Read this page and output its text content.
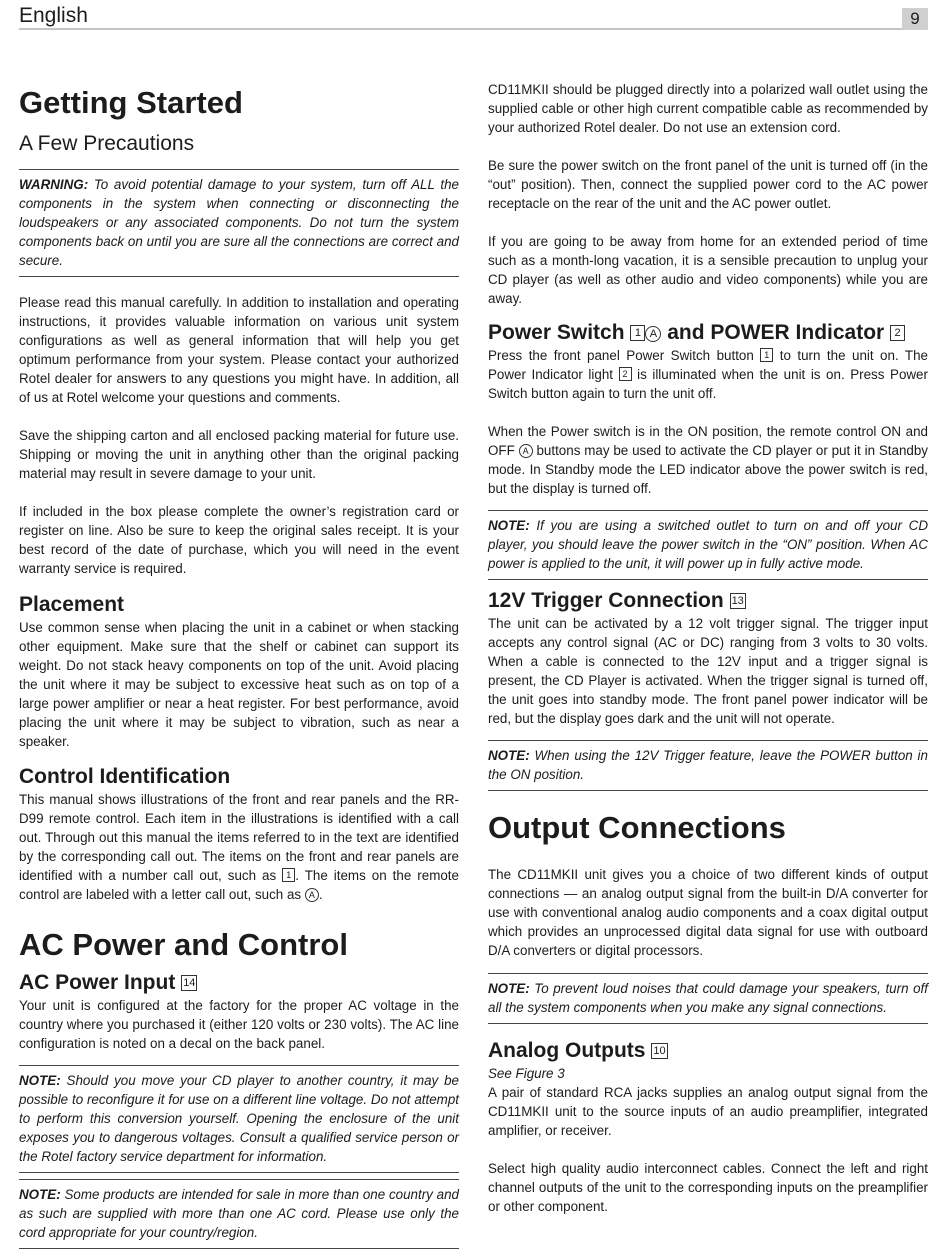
English	9
Getting Started
A Few Precautions

WARNING: To avoid potential damage to your system, turn off ALL the components in the system when connecting or disconnecting the loudspeakers or any associated components. Do not turn the system components back on until you are sure all the connections are correct and secure.

Please read this manual carefully. In addition to installation and operating instructions, it provides valuable information on various unit system configurations as well as general information that will help you get optimum performance from your system. Please contact your authorized Rotel dealer for answers to any questions you might have. In addition, all of us at Rotel welcome your questions and comments.

Save the shipping carton and all enclosed packing material for future use. Shipping or moving the unit in anything other than the original packing material may result in severe damage to your unit.

If included in the box please complete the owner’s registration card or register on line. Also be sure to keep the original sales receipt. It is your best record of the date of purchase, which you will need in the event warranty service is required.

Placement

Use common sense when placing the unit in a cabinet or when stacking other equipment. Make sure that the shelf or cabinet can support its weight. Do not stack heavy components on top of the unit. Avoid placing the unit where it may be subject to excessive heat such as on top of a large power amplifier or near a heat register. For best performance, avoid placing the unit where it may be subject to vibration, such as near a speaker.

Control Identification

This manual shows illustrations of the front and rear panels and the RR-D99 remote control. Each item in the illustrations is identified with a call out. Through out this manual the items referred to in the text are identified by the corresponding call out. The items on the front and rear panels are identified with a number call out, such as 1 . The items on the remote control are labeled with a letter call out, such as A .

AC Power and Control
AC Power Input 14

Your unit is configured at the factory for the proper AC voltage in the country where you purchased it (either 120 volts or 230 volts). The AC line configuration is noted on a decal on the back panel.

NOTE: Should you move your CD player to another country, it may be possible to reconfigure it for use on a different line voltage. Do not attempt to perform this conversion yourself. Opening the enclosure of the unit exposes you to dangerous voltages. Consult a qualified service person or the Rotel factory service department for information.

NOTE: Some products are intended for sale in more than one country and as such are supplied with more than one AC cord. Please use only the cord appropriate for your country/region.

CD11MKII should be plugged directly into a polarized wall outlet using the supplied cable or other high current compatible cable as recommended by your authorized Rotel dealer. Do not use an extension cord.

Be sure the power switch on the front panel of the unit is turned off (in the “out” position). Then, connect the supplied power cord to the AC power receptacle on the rear of the unit and the AC power outlet.

If you are going to be away from home for an extended period of time such as a month-long vacation, it is a sensible precaution to unplug your CD player (as well as other audio and video components) while you are away.

Power Switch 1 A and POWER Indicator 2

Press the front panel Power Switch button 1 to turn the unit on. The Power Indicator light 2 is illuminated when the unit is on. Press Power Switch button again to turn the unit off.

When the Power switch is in the ON position, the remote control ON and OFF A buttons may be used to activate the CD player or put it in Standby mode. In Standby mode the LED indicator above the power switch is red, but the display is turned off.

NOTE: If you are using a switched outlet to turn on and off your CD player, you should leave the power switch in the “ON” position. When AC power is applied to the unit, it will power up in fully active mode.

12V Trigger Connection 13

The unit can be activated by a 12 volt trigger signal. The trigger input accepts any control signal (AC or DC) ranging from 3 volts to 30 volts. When a cable is connected to the 12V input and a trigger signal is present, the CD Player is activated. When the trigger signal is turned off, the unit goes into standby mode. The front panel power indicator will be red, but the display goes dark and the unit will not operate.

NOTE: When using the 12V Trigger feature, leave the POWER button in the ON position.

Output Connections

The CD11MKII unit gives you a choice of two different kinds of output connections — an analog output signal from the built-in D/A converter for use with conventional analog audio components and a coax digital output which provides an unprocessed digital data signal for use with outboard D/A converters or digital processors.

NOTE: To prevent loud noises that could damage your speakers, turn off all the system components when you make any signal connections.

Analog Outputs 10

See Figure 3

A pair of standard RCA jacks supplies an analog output signal from the CD11MKII unit to the source inputs of an audio preamplifier, integrated amplifier, or receiver.

Select high quality audio interconnect cables. Connect the left and right channel outputs of the unit to the corresponding inputs on the preamplifier or other component.
